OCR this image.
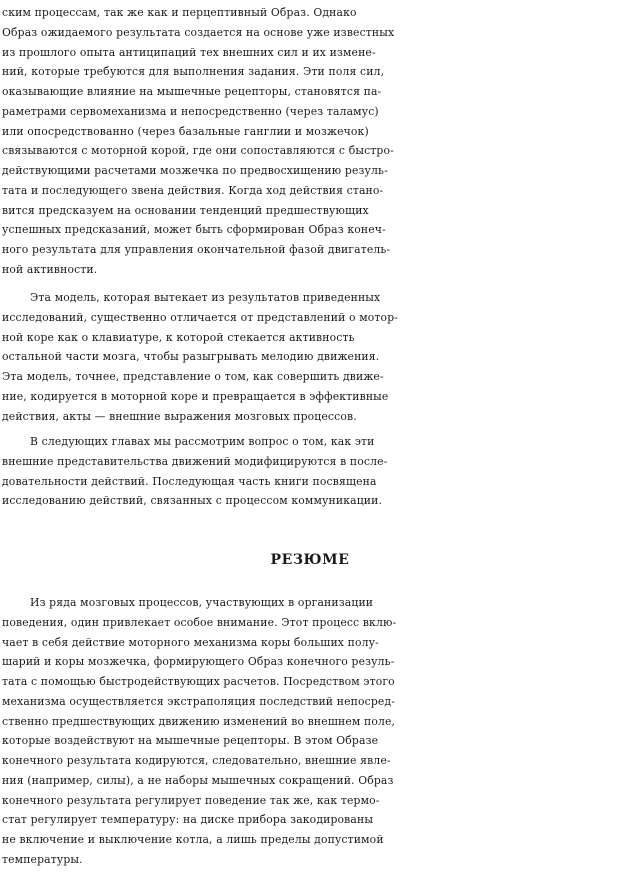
ским процессам, так же как и перцептивный Образ. Однако
Образ ожидаемого результата создается на основе уже известных
из прошлого опыта антиципаций тех внешних сил и их измене-
ний, которые требуются для выполнения задания. Эти поля сил,
оказывающие влияние на мышечные рецепторы, становятся па-
раметрами сервомеханизма и непосредственно (через таламус)
или опосредствованно (через базальные ганглии и мозжечок)
связываются с моторной корой, где они сопоставляются с быстро-
действующими расчетами мозжечка по предвосхищению резуль-
тата и последующего звена действия. Когда ход действия стано-
вится предсказуем на основании тенденций предшествующих
успешных предсказаний, может быть сформирован Образ конеч-
ного результата для управления окончательной фазой двигатель-
ной активности.
Эта модель, которая вытекает из результатов приведенных
исследований, существенно отличается от представлений о мотор-
ной коре как о клавиатуре, к которой стекается активность
остальной части мозга, чтобы разыгрывать мелодию движения.
Эта модель, точнее, представление о том, как совершить движе-
ние, кодируется в моторной коре и превращается в эффективные
действия, акты — внешние выражения мозговых процессов.
В следующих главах мы рассмотрим вопрос о том, как эти
внешние представительства движений модифицируются в после-
довательности действий. Последующая часть книги посвящена
исследованию действий, связанных с процессом коммуникации.
РЕЗЮМЕ
Из ряда мозговых процессов, участвующих в организации
поведения, один привлекает особое внимание. Этот процесс вклю-
чает в себя действие моторного механизма коры больших полу-
шарий и коры мозжечка, формирующего Образ конечного резуль-
тата с помощью быстродействующих расчетов. Посредством этого
механизма осуществляется экстраполяция последствий непосред-
ственно предшествующих движению изменений во внешнем поле,
которые воздействуют на мышечные рецепторы. В этом Образе
конечного результата кодируются, следовательно, внешние явле-
ния (например, силы), а не наборы мышечных сокращений. Образ
конечного результата регулирует поведение так же, как термо-
стат регулирует температуру: на диске прибора закодированы
не включение и выключение котла, а лишь пределы допустимой
температуры.
